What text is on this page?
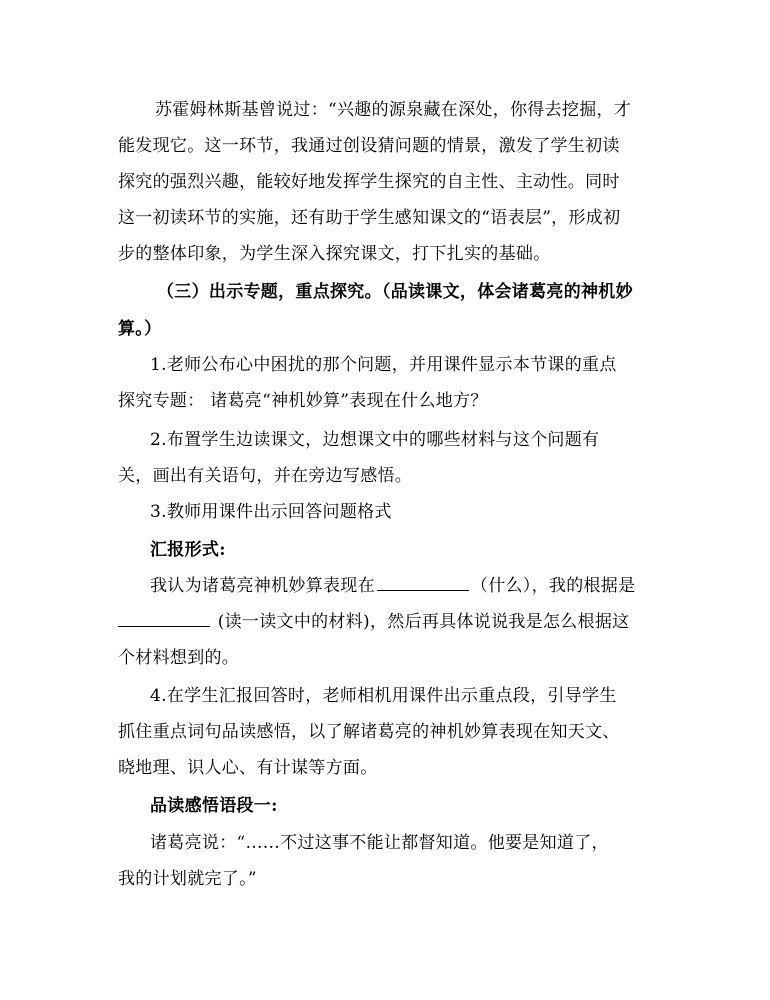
苏霍姆林斯基曾说过：“兴趣的源泉藏在深处，你得去挖掘，才
能发现它。这一环节，我通过创设猜问题的情景，激发了学生初读
探究的强烈兴趣，能较好地发挥学生探究的自主性、主动性。同时
这一初读环节的实施，还有助于学生感知课文的“语表层”，形成初
步的整体印象，为学生深入探究课文，打下扎实的基础。
（三）出示专题，重点探究。（品读课文，体会诸葛亮的神机妙
算。）
1.老师公布心中困扰的那个问题，并用课件显示本节课的重点
探究专题： 诸葛亮“神机妙算”表现在什么地方？
2.布置学生边读课文，边想课文中的哪些材料与这个问题有
关，画出有关语句，并在旁边写感悟。
3.教师用课件出示回答问题格式
汇报形式:
我认为诸葛亮神机妙算表现在	（什么），我的根据是
(读一读文中的材料)，然后再具体说说我是怎么根据这
个材料想到的。
4.在学生汇报回答时，老师相机用课件出示重点段，引导学生
抓住重点词句品读感悟，以了解诸葛亮的神机妙算表现在知天文、
晓地理、识人心、有计谋等方面。
品读感悟语段一:
诸葛亮说：“……不过这事不能让都督知道。他要是知道了，
我的计划就完了。”
